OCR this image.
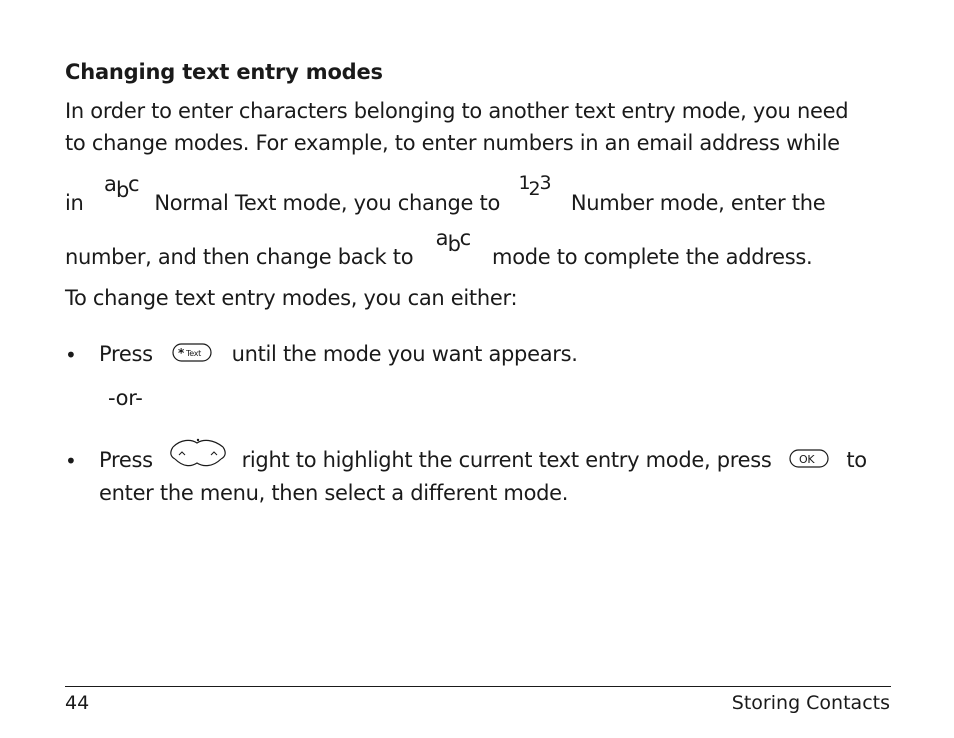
Changing text entry modes
In order to enter characters belonging to another text entry mode, you need
to change modes. For example, to enter numbers in an email address while
in
a b
c
Normal Text mode, you change to
1
2 3
Number mode, enter the
number, and then change back to
a b
c
mode to complete the address.
To change text entry modes, you can either:
• Press * Text until the mode you want appears.
-or-
• Press	right to highlight the current text entry mode, press OK to
enter the menu, then select a different mode.
44	Storing Contacts
